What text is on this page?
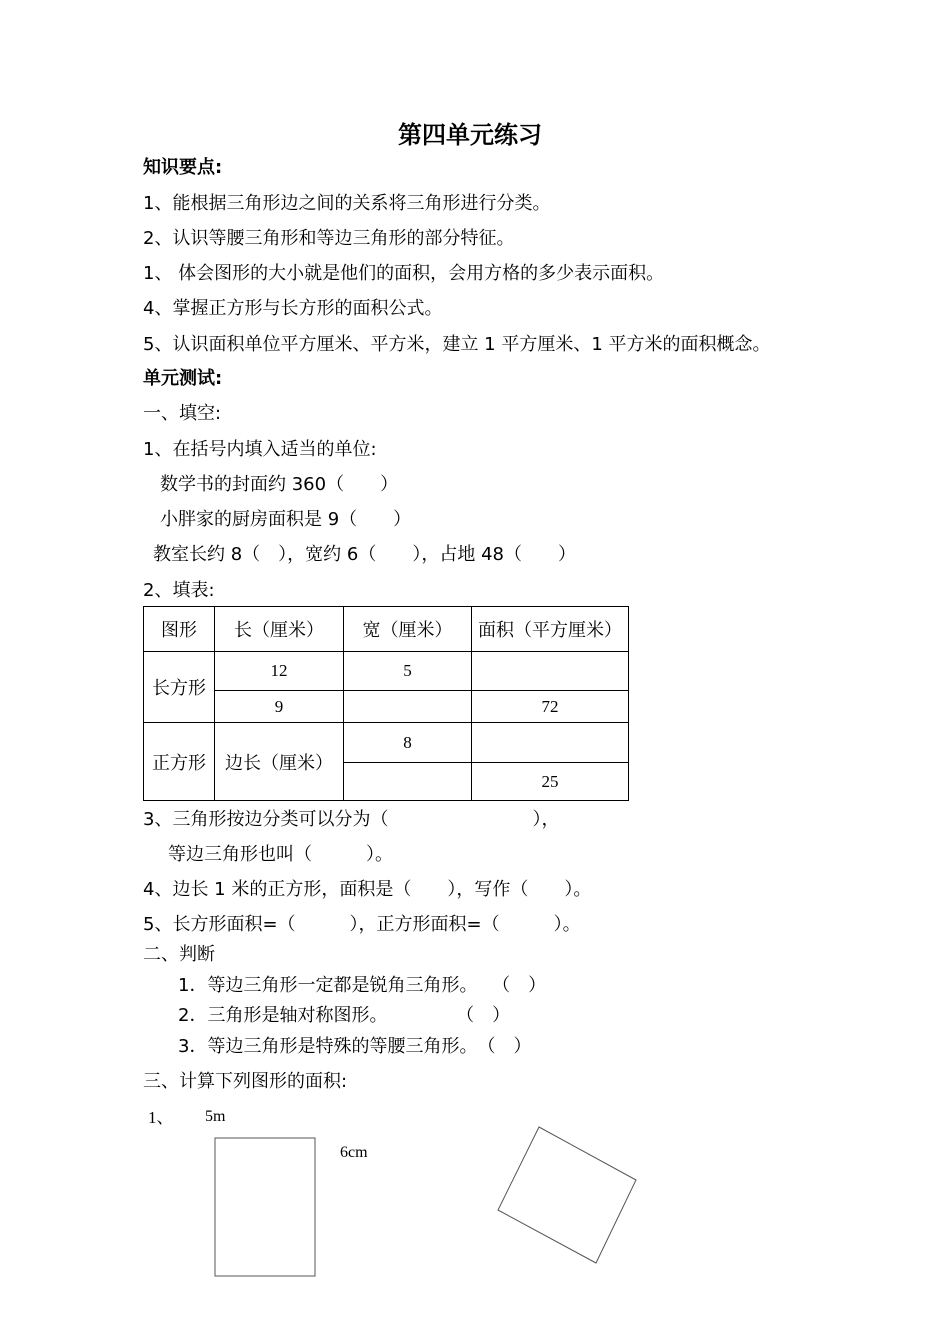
第四单元练习
知识要点:
1、能根据三角形边之间的关系将三角形进行分类。
2、认识等腰三角形和等边三角形的部分特征。
1、 体会图形的大小就是他们的面积，会用方格的多少表示面积。
4、掌握正方形与长方形的面积公式。
5、认识面积单位平方厘米、平方米，建立 1 平方厘米、1 平方米的面积概念。
单元测试:
一、填空:
1、在括号内填入适当的单位:
数学书的封面约 360（　　）
小胖家的厨房面积是 9（　　）
教室长约 8（　），宽约 6（　　），占地 48（　　）
2、填表:
图形	长（厘米）	宽（厘米）	面积（平方厘米）
长方形	12	5	
	9		72
正方形	边长（厘米）	8	
			25
3、三角形按边分类可以分为（　　　　　　　　），
等边三角形也叫（　　　）。
4、边长 1 米的正方形，面积是（　　），写作（　　）。
5、长方形面积=（　　　），正方形面积=（　　　）。
二、判断
1．等边三角形一定都是锐角三角形。　 （　）
2．三角形是轴对称图形。　　　　 （　）
3．等边三角形是特殊的等腰三角形。　（　）
三、计算下列图形的面积:
1、 5m
6cm
